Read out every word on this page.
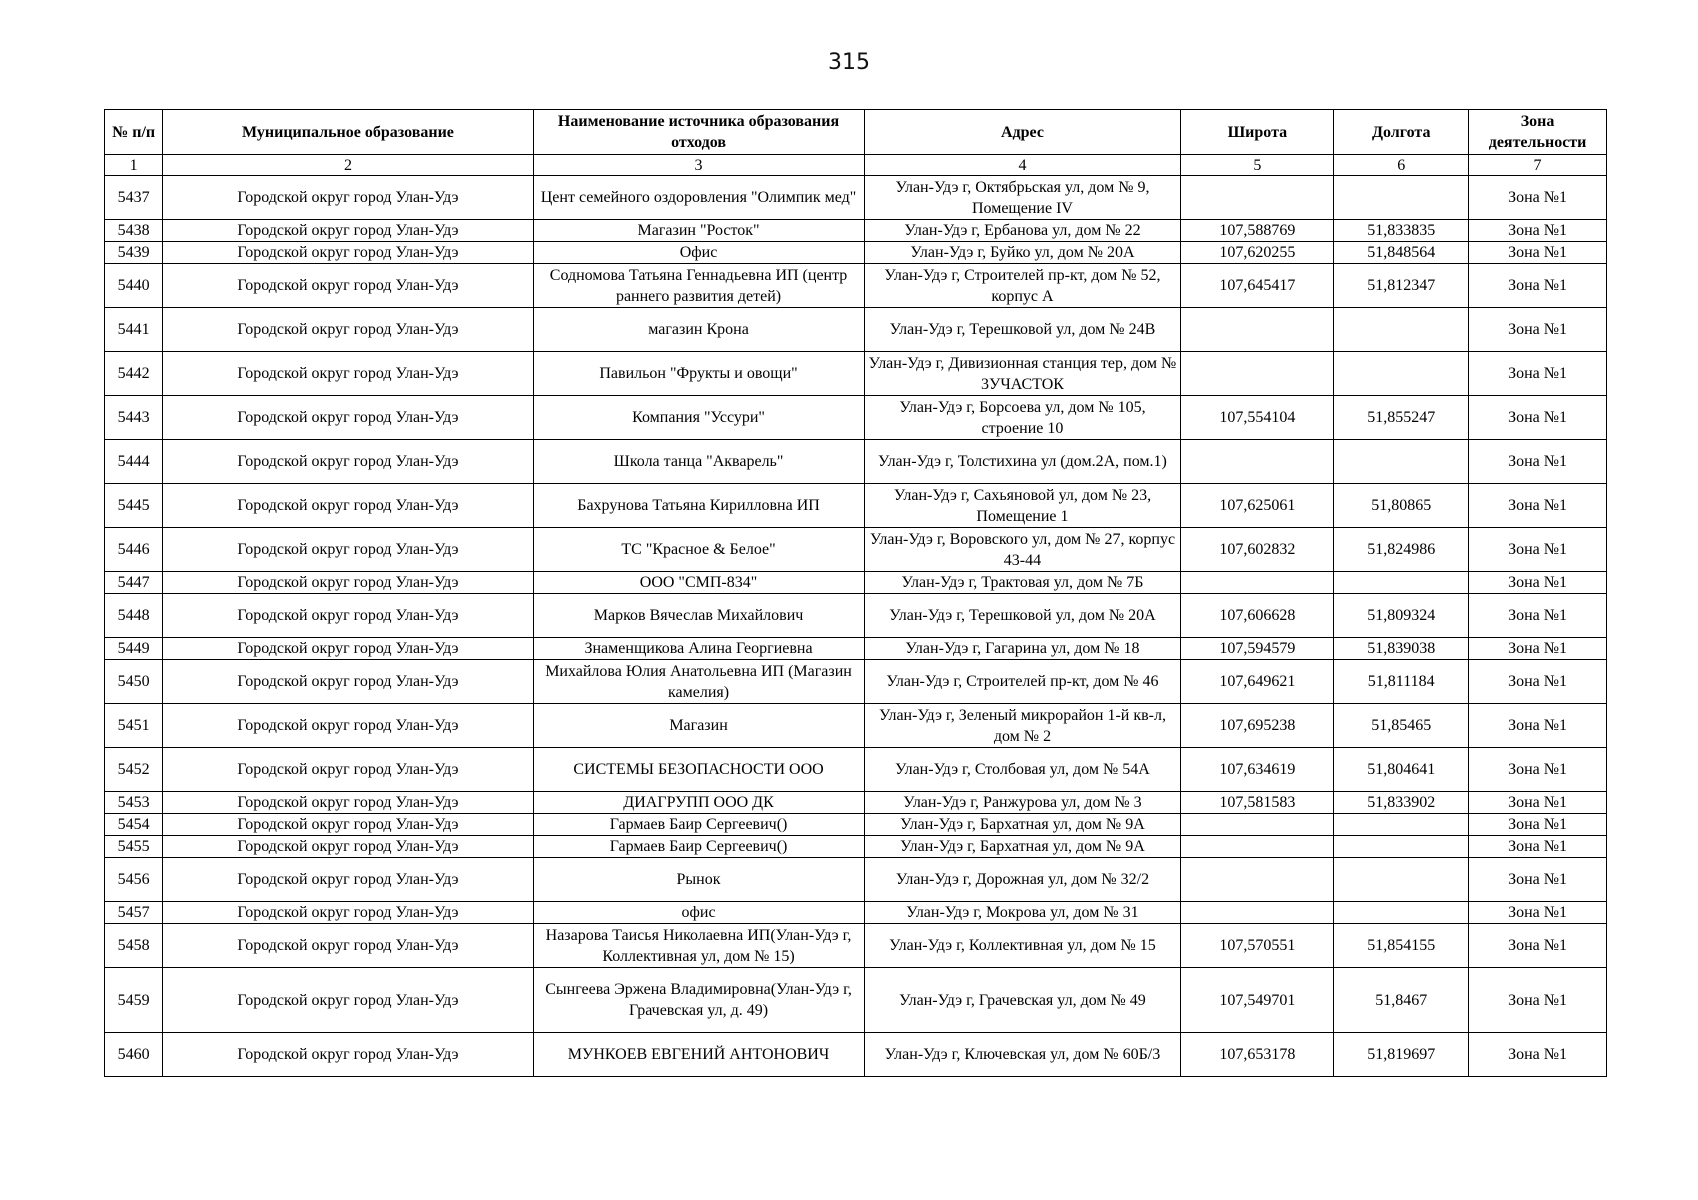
315
№ п/п	Муниципальное образование	Наименование источника образования отходов	Адрес	Широта	Долгота	Зона деятельности
1	2	3	4	5	6	7
5437	Городской округ город Улан-Удэ	Цент семейного оздоровления "Олимпик мед"	Улан-Удэ г, Октябрьская ул, дом № 9, Помещение IV			Зона №1
5438	Городской округ город Улан-Удэ	Магазин "Росток"	Улан-Удэ г, Ербанова ул, дом № 22	107,588769	51,833835	Зона №1
5439	Городской округ город Улан-Удэ	Офис	Улан-Удэ г, Буйко ул, дом № 20А	107,620255	51,848564	Зона №1
5440	Городской округ город Улан-Удэ	Содномова Татьяна Геннадьевна ИП (центр раннего развития детей)	Улан-Удэ г, Строителей пр-кт, дом № 52, корпус А	107,645417	51,812347	Зона №1
5441	Городской округ город Улан-Удэ	магазин Крона	Улан-Удэ г, Терешковой ул, дом № 24В			Зона №1
5442	Городской округ город Улан-Удэ	Павильон "Фрукты и овощи"	Улан-Удэ г, Дивизионная станция тер, дом № 3УЧАСТОК			Зона №1
5443	Городской округ город Улан-Удэ	Компания "Уссури"	Улан-Удэ г, Борсоева ул, дом № 105, строение 10	107,554104	51,855247	Зона №1
5444	Городской округ город Улан-Удэ	Школа танца "Акварель"	Улан-Удэ г, Толстихина ул (дом.2А, пом.1)			Зона №1
5445	Городской округ город Улан-Удэ	Бахрунова Татьяна Кирилловна ИП	Улан-Удэ г, Сахьяновой ул, дом № 23, Помещение 1	107,625061	51,80865	Зона №1
5446	Городской округ город Улан-Удэ	ТС "Красное & Белое"	Улан-Удэ г, Воровского ул, дом № 27, корпус 43-44	107,602832	51,824986	Зона №1
5447	Городской округ город Улан-Удэ	ООО "СМП-834"	Улан-Удэ г, Трактовая ул, дом № 7Б			Зона №1
5448	Городской округ город Улан-Удэ	Марков Вячеслав Михайлович	Улан-Удэ г, Терешковой ул, дом № 20А	107,606628	51,809324	Зона №1
5449	Городской округ город Улан-Удэ	Знаменщикова Алина Георгиевна	Улан-Удэ г, Гагарина ул, дом № 18	107,594579	51,839038	Зона №1
5450	Городской округ город Улан-Удэ	Михайлова Юлия Анатольевна ИП (Магазин камелия)	Улан-Удэ г, Строителей пр-кт, дом № 46	107,649621	51,811184	Зона №1
5451	Городской округ город Улан-Удэ	Магазин	Улан-Удэ г, Зеленый микрорайон 1-й кв-л, дом № 2	107,695238	51,85465	Зона №1
5452	Городской округ город Улан-Удэ	СИСТЕМЫ БЕЗОПАСНОСТИ ООО	Улан-Удэ г, Столбовая ул, дом № 54А	107,634619	51,804641	Зона №1
5453	Городской округ город Улан-Удэ	ДИАГРУПП ООО ДК	Улан-Удэ г, Ранжурова ул, дом № 3	107,581583	51,833902	Зона №1
5454	Городской округ город Улан-Удэ	Гармаев Баир Сергеевич()	Улан-Удэ г, Бархатная ул, дом № 9А			Зона №1
5455	Городской округ город Улан-Удэ	Гармаев Баир Сергеевич()	Улан-Удэ г, Бархатная ул, дом № 9А			Зона №1
5456	Городской округ город Улан-Удэ	Рынок	Улан-Удэ г, Дорожная ул, дом № 32/2			Зона №1
5457	Городской округ город Улан-Удэ	офис	Улан-Удэ г, Мокрова ул, дом № 31			Зона №1
5458	Городской округ город Улан-Удэ	Назарова Таисья Николаевна ИП(Улан-Удэ г, Коллективная ул, дом № 15)	Улан-Удэ г, Коллективная ул, дом № 15	107,570551	51,854155	Зона №1
5459	Городской округ город Улан-Удэ	Сынгеева Эржена Владимировна(Улан-Удэ г, Грачевская ул, д. 49)	Улан-Удэ г, Грачевская ул, дом № 49	107,549701	51,8467	Зона №1
5460	Городской округ город Улан-Удэ	МУНКОЕВ ЕВГЕНИЙ АНТОНОВИЧ	Улан-Удэ г, Ключевская ул, дом № 60Б/3	107,653178	51,819697	Зона №1
